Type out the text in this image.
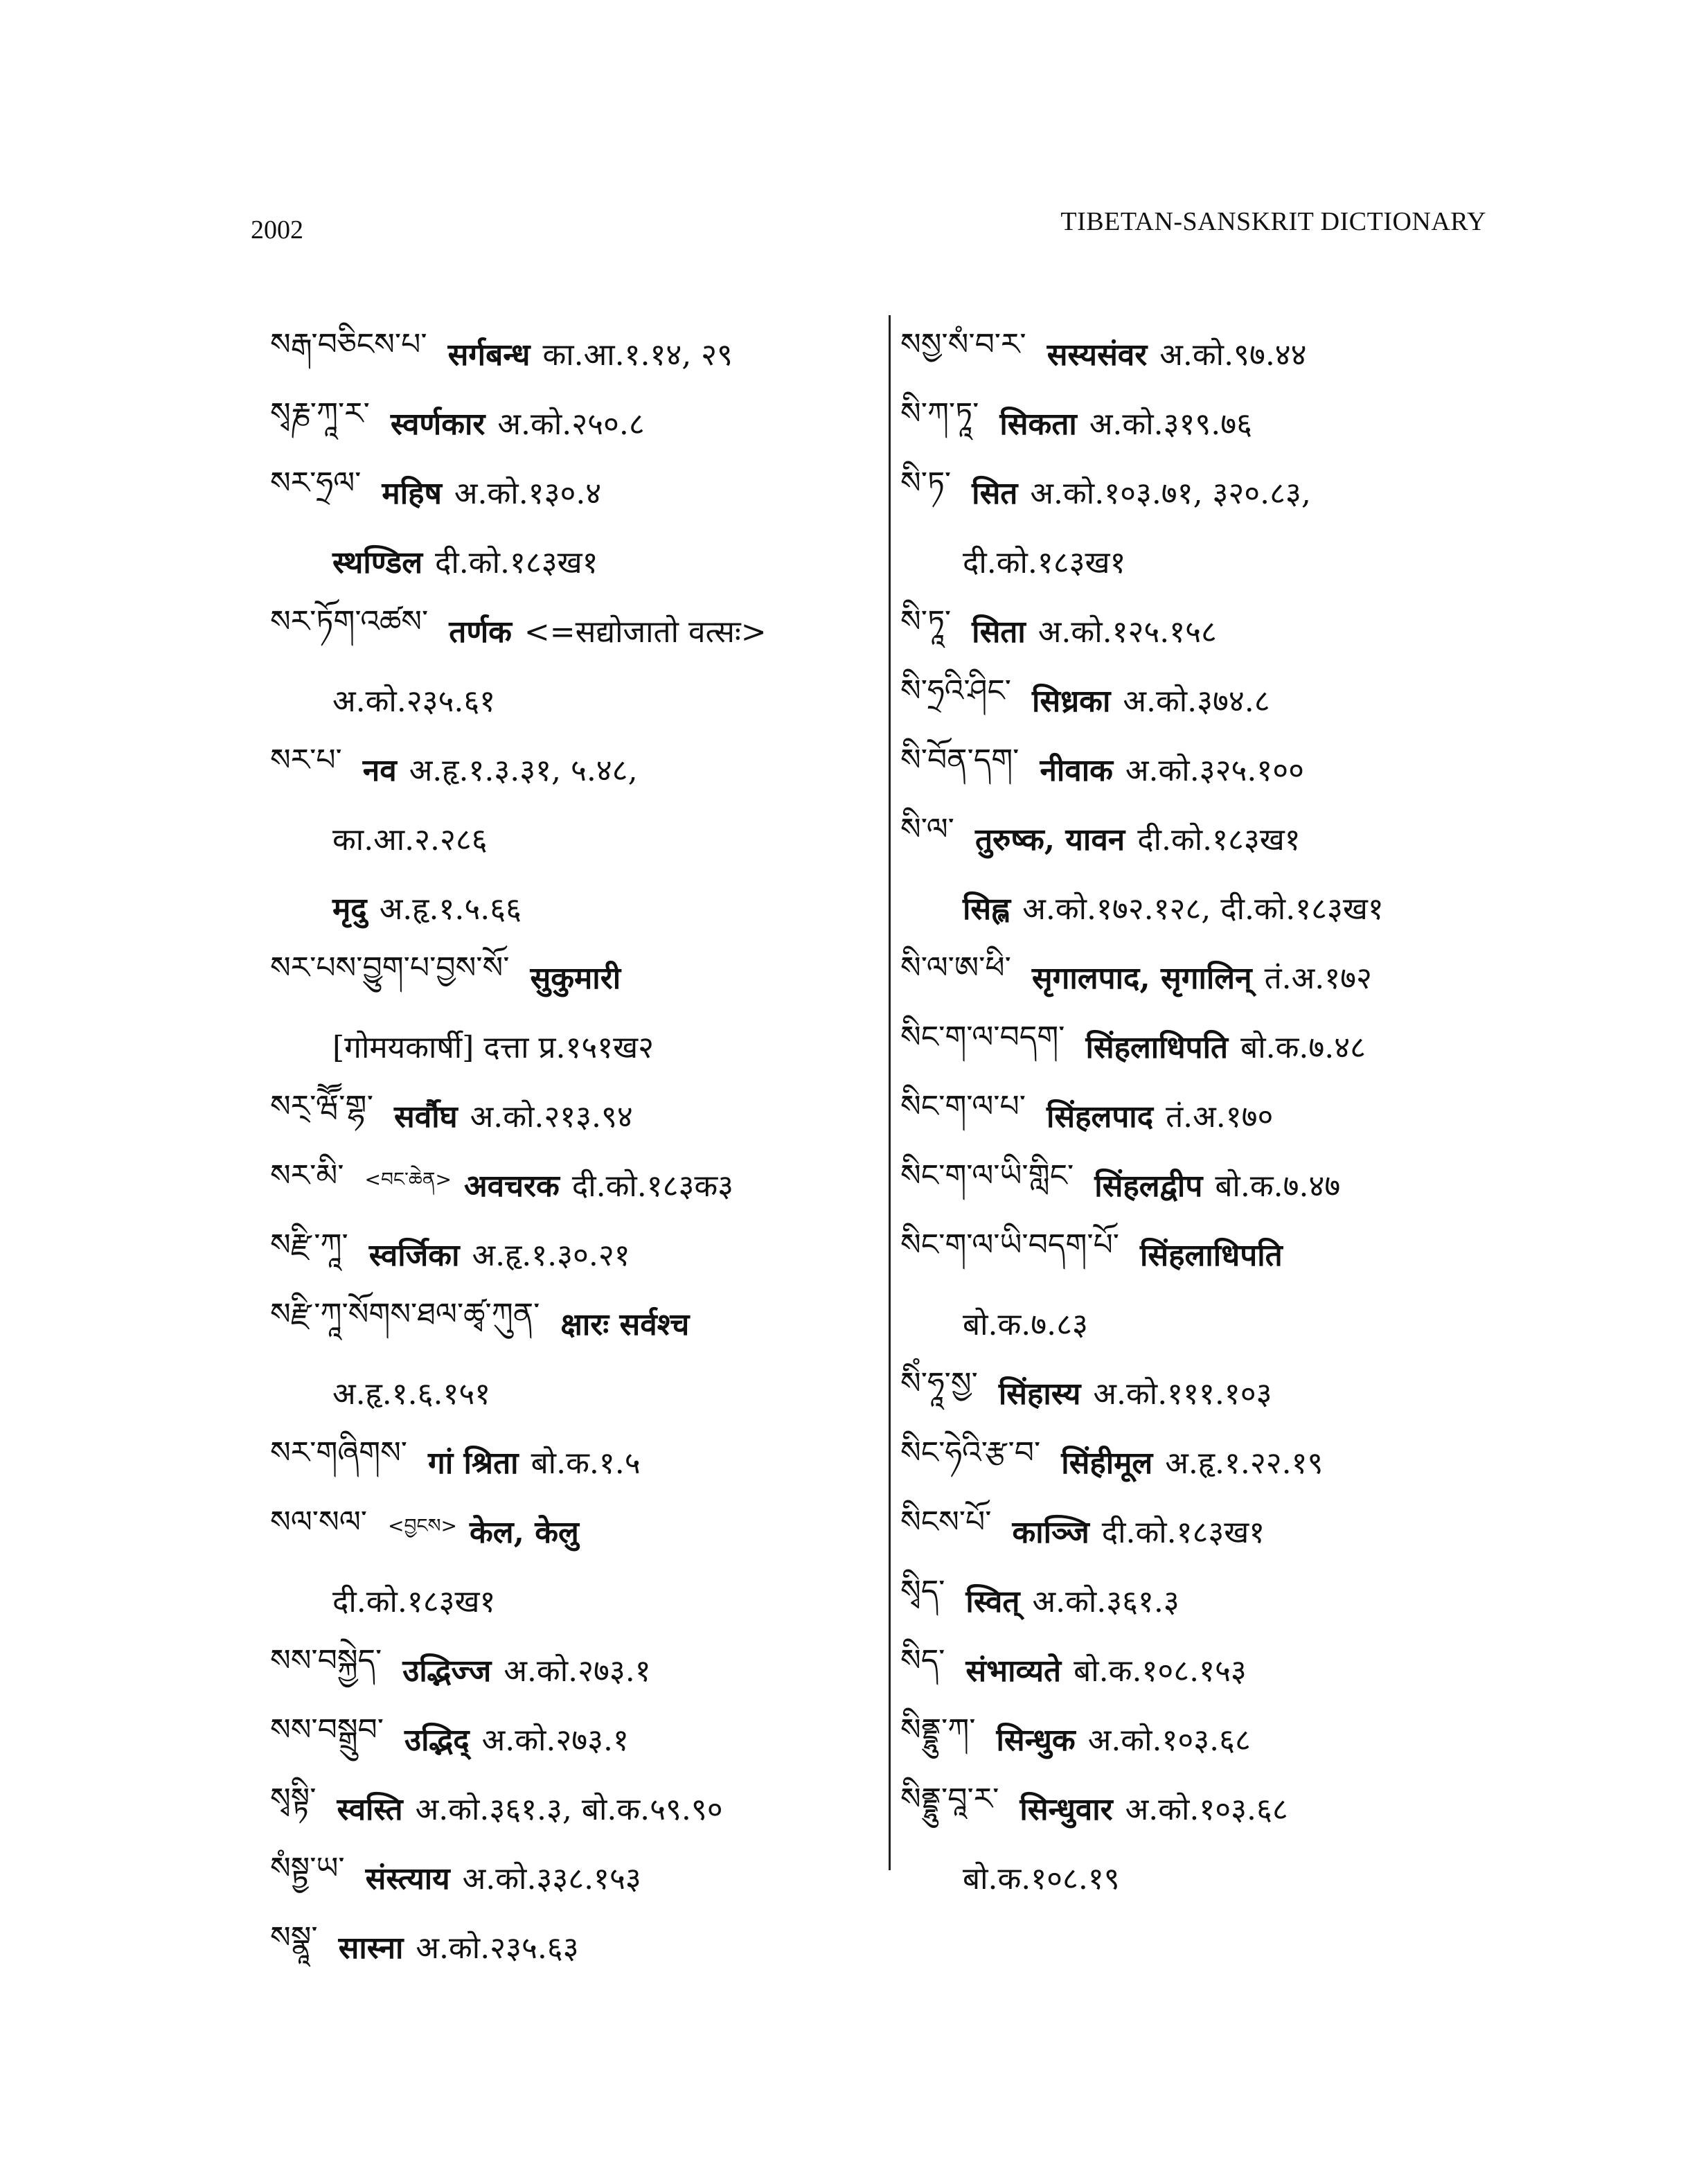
2002	TIBETAN-SANSKRIT DICTIONARY
སརྒ་བཅིངས་པ་ सर्गबन्ध का.आ.१.१४, २९
སྭརྞ་ཀཱ་ར་ स्वर्णकार अ.को.२५०.८
སར་ཧྲལ་ महिष अ.को.१३०.४
स्थण्डिल दी.को.१८३ख१
སར་ཏོག་འཚས་ तर्णक <=सद्योजातो वत्सः>
अ.को.२३५.६१
སར་པ་ नव अ.हृ.१.३.३१, ५.४८,
का.आ.२.२८६
मृदु अ.हृ.१.५.६६
སར་པས་བྱུག་པ་བྱས་སོ་ सुकुमारी
[गोमयकार्षी] दत्ता प्र.१५१ख२
སར྄་ཝཽ་གྷ་ सर्वौघ अ.को.२१३.९४
སར་མི་ <བང་ཆེན> अवचरक दी.को.१८३क३
སརྫི་ཀཱ་ स्वर्जिका अ.हृ.१.३०.२१
སརྫི་ཀཱ་སོགས་ཐལ་ཚྭ་ཀུན་ क्षारः सर्वश्च
अ.हृ.१.६.१५१
སར་གཞིགས་ गां श्रिता बो.क.१.५
སལ་སལ་ <བྱངས> केल, केलु
दी.को.१८३ख१
སས་བསྐྱེད་ उद्भिज्ज अ.को.२७३.१
སས་བསྒྲུབ་ उद्भिद् अ.को.२७३.१
སྭསྟི་ स्वस्ति अ.को.३६१.३, बो.क.५९.९०
སཾསྟྱ་ཡ་ संस्त्याय अ.को.३३८.१५३
སསྣཱ་ सास्ना अ.को.२३५.६३
སསྱ་སཾ་བ་ར་ सस्यसंवर अ.को.९७.४४
སི་ཀ་ཏཱ་ सिकता अ.को.३१९.७६
སི་ཏ་ सित अ.को.१०३.७१, ३२०.८३,
दी.को.१८३ख१
སི་ཏཱ་ सिता अ.को.१२५.१५८
སི་ཧྲའི་ཤིང་ सिध्रका अ.को.३७४.८
སི་བོན་དག་ नीवाक अ.को.३२५.१००
སི་ལ་ तुरुष्क, यावन दी.को.१८३ख१
सिह्ल अ.को.१७२.१२८, दी.को.१८३ख१
སི་ལ་ཨ་ཕི་ सृगालपाद, सृगालिन् तं.अ.१७२
སིང་ག་ལ་བདག་ सिंहलाधिपति बो.क.७.४८
སིང་ག་ལ་པ་ सिंहलपाद तं.अ.१७०
སིང་ག་ལ་ཡི་གླིང་ सिंहलद्वीप बो.क.७.४७
སིང་ག་ལ་ཡི་བདག་པོ་ सिंहलाधिपति
बो.क.७.८३
སིཾ་ཧཱ་སྱ་ सिंहास्य अ.को.१११.१०३
སིང་ཧེའི་རྩ་བ་ सिंहीमूल अ.हृ.१.२२.१९
སིངས་པོ་ काञ्जि दी.को.१८३ख१
སྭིད་ स्वित् अ.को.३६१.३
སིད་ संभाव्यते बो.क.१०८.१५३
སིནྡྷུ་ཀ་ सिन्धुक अ.को.१०३.६८
སིནྡྷུ་བཱ་ར་ सिन्धुवार अ.को.१०३.६८
बो.क.१०८.१९
